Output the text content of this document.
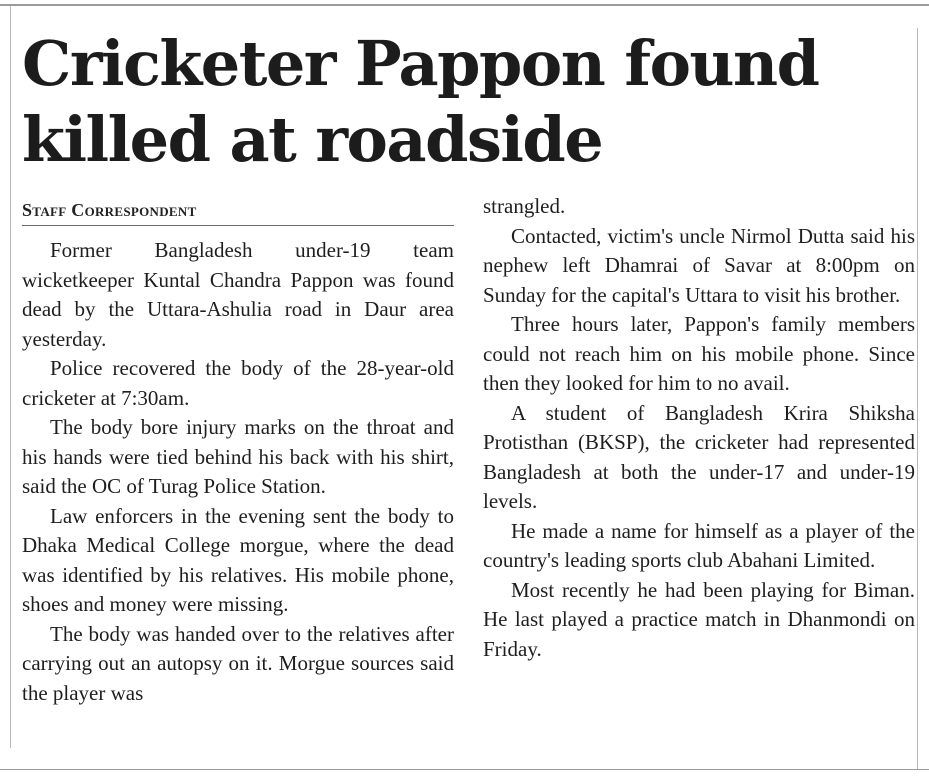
Cricketer Pappon found killed at roadside
Staff Correspondent

Former Bangladesh under-19 team wicketkeeper Kuntal Chandra Pappon was found dead by the Uttara-Ashulia road in Daur area yesterday.

Police recovered the body of the 28-year-old cricketer at 7:30am.

The body bore injury marks on the throat and his hands were tied behind his back with his shirt, said the OC of Turag Police Station.

Law enforcers in the evening sent the body to Dhaka Medical College morgue, where the dead was identified by his relatives. His mobile phone, shoes and money were missing.

The body was handed over to the relatives after carrying out an autopsy on it. Morgue sources said the player was

strangled.

Contacted, victim's uncle Nirmol Dutta said his nephew left Dhamrai of Savar at 8:00pm on Sunday for the capital's Uttara to visit his brother.

Three hours later, Pappon's family members could not reach him on his mobile phone. Since then they looked for him to no avail.

A student of Bangladesh Krira Shiksha Protisthan (BKSP), the cricketer had represented Bangladesh at both the under-17 and under-19 levels.

He made a name for himself as a player of the country's leading sports club Abahani Limited.

Most recently he had been playing for Biman. He last played a practice match in Dhanmondi on Friday.
